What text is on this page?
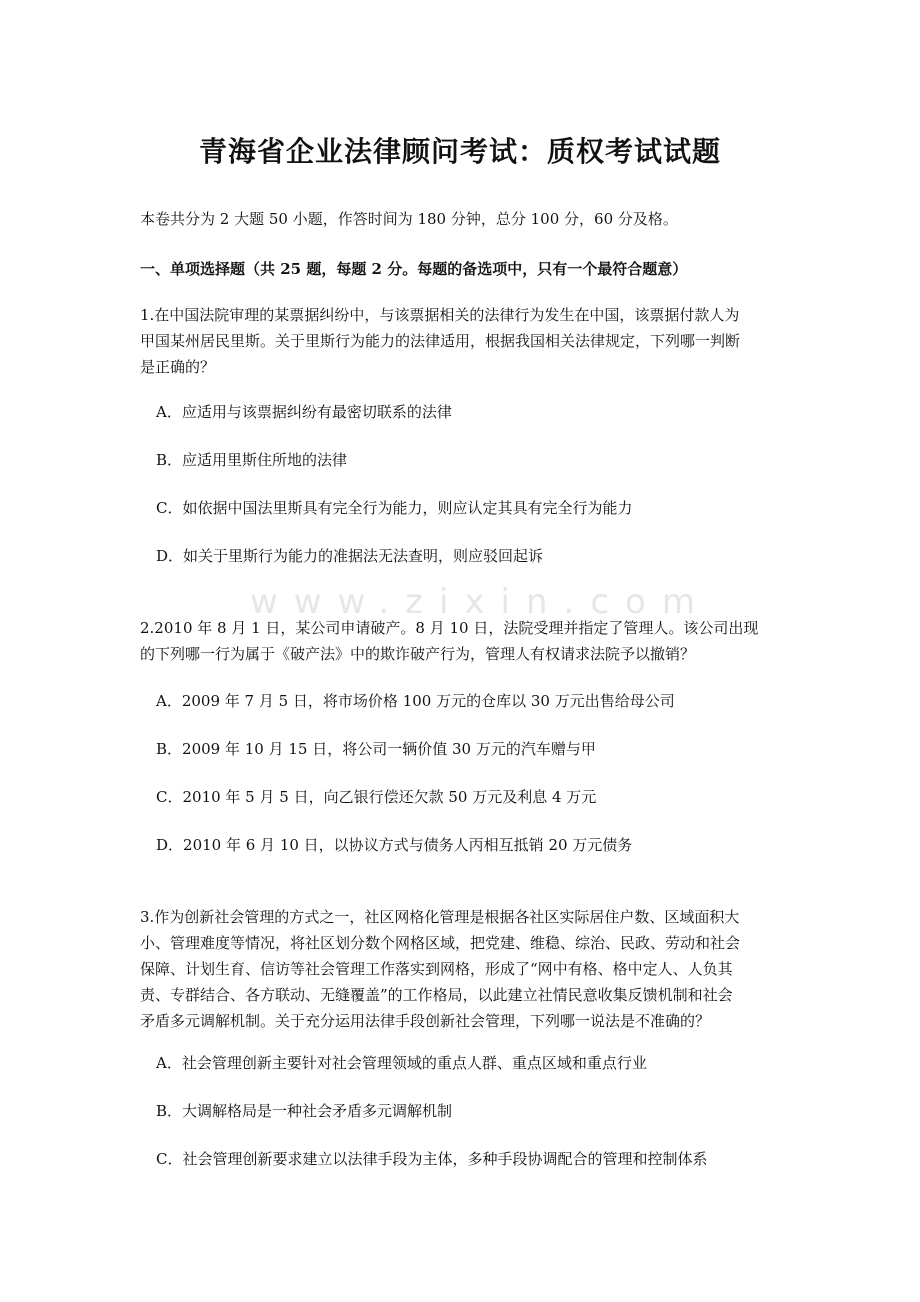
www.zixin.com
青海省企业法律顾问考试：质权考试试题
本卷共分为 2 大题 50 小题，作答时间为 180 分钟，总分 100 分，60 分及格。
一、单项选择题（共 25 题，每题 2 分。每题的备选项中，只有一个最符合题意）
1.在中国法院审理的某票据纠纷中，与该票据相关的法律行为发生在中国，该票据付款人为
甲国某州居民里斯。关于里斯行为能力的法律适用，根据我国相关法律规定，下列哪一判断
是正确的？
A．应适用与该票据纠纷有最密切联系的法律
B．应适用里斯住所地的法律
C．如依据中国法里斯具有完全行为能力，则应认定其具有完全行为能力
D．如关于里斯行为能力的准据法无法查明，则应驳回起诉
2.2010 年 8 月 1 日，某公司申请破产。8 月 10 日，法院受理并指定了管理人。该公司出现
的下列哪一行为属于《破产法》中的欺诈破产行为，管理人有权请求法院予以撤销？
A．2009 年 7 月 5 日，将市场价格 100 万元的仓库以 30 万元出售给母公司
B．2009 年 10 月 15 日，将公司一辆价值 30 万元的汽车赠与甲
C．2010 年 5 月 5 日，向乙银行偿还欠款 50 万元及利息 4 万元
D．2010 年 6 月 10 日，以协议方式与债务人丙相互抵销 20 万元债务
3.作为创新社会管理的方式之一，社区网格化管理是根据各社区实际居住户数、区域面积大
小、管理难度等情况，将社区划分数个网格区域，把党建、维稳、综治、民政、劳动和社会
保障、计划生育、信访等社会管理工作落实到网格，形成了“网中有格、格中定人、人负其
责、专群结合、各方联动、无缝覆盖”的工作格局，以此建立社情民意收集反馈机制和社会
矛盾多元调解机制。关于充分运用法律手段创新社会管理，下列哪一说法是不准确的？
A．社会管理创新主要针对社会管理领域的重点人群、重点区域和重点行业
B．大调解格局是一种社会矛盾多元调解机制
C．社会管理创新要求建立以法律手段为主体，多种手段协调配合的管理和控制体系
